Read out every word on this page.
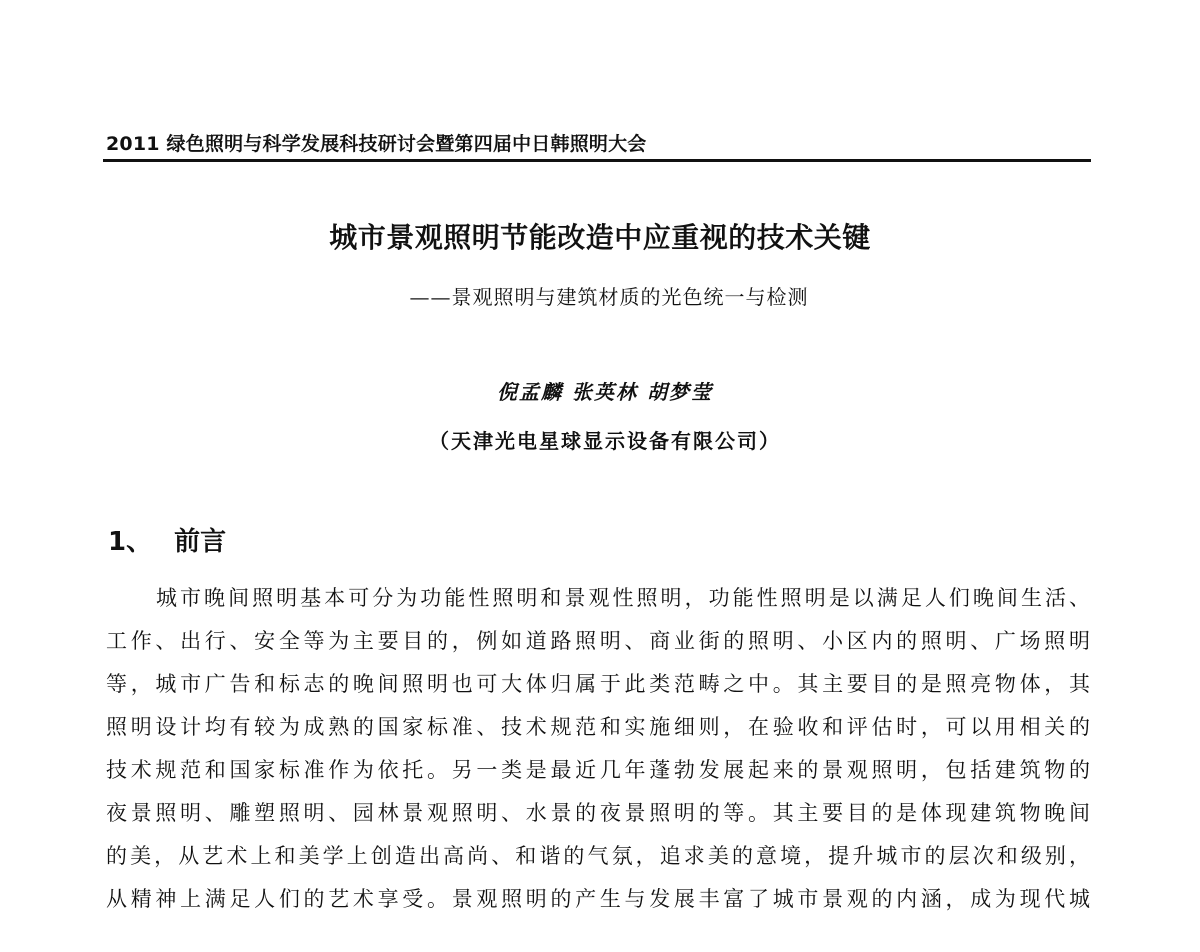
2011 绿色照明与科学发展科技研讨会暨第四届中日韩照明大会
城市景观照明节能改造中应重视的技术关键
——景观照明与建筑材质的光色统一与检测
倪孟麟 张英林 胡梦莹
（天津光电星球显示设备有限公司）
1、 前言
城市晚间照明基本可分为功能性照明和景观性照明，功能性照明是以满足人们晚间生活、
工作、出行、安全等为主要目的，例如道路照明、商业街的照明、小区内的照明、广场照明
等，城市广告和标志的晚间照明也可大体归属于此类范畴之中。其主要目的是照亮物体，其
照明设计均有较为成熟的国家标准、技术规范和实施细则，在验收和评估时，可以用相关的
技术规范和国家标准作为依托。另一类是最近几年蓬勃发展起来的景观照明，包括建筑物的
夜景照明、雕塑照明、园林景观照明、水景的夜景照明的等。其主要目的是体现建筑物晚间
的美，从艺术上和美学上创造出高尚、和谐的气氛，追求美的意境，提升城市的层次和级别，
从精神上满足人们的艺术享受。景观照明的产生与发展丰富了城市景观的内涵，成为现代城
